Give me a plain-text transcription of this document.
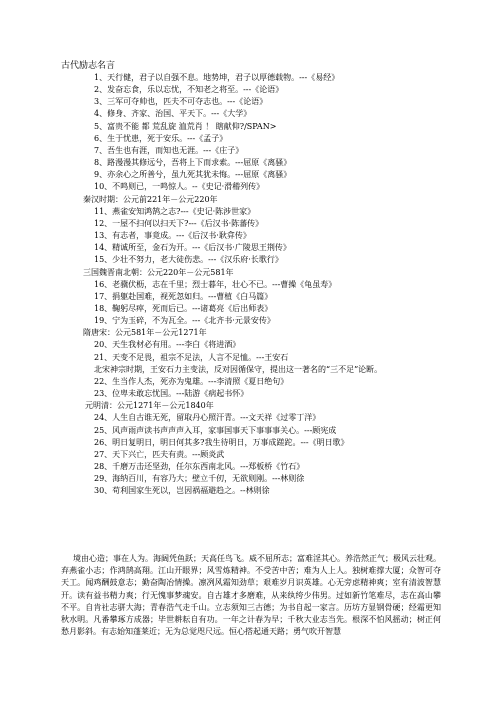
古代励志名言
1、天行健，君子以自强不息。地势坤，君子以厚德载物。---《易经》
2、发奋忘食，乐以忘忧，不知老之将至。---《论语》
3、三军可夺帅也，匹夫不可夺志也。---《论语》
4、修身、齐家、治国、平天下。---《大学》
5、富贵不能 都 荒乱旋 洫荒肖 ！ 瞎献仰?/SPAN>
6、生于忧患，死于安乐。---《孟子》
7、吾生也有涯，而知也无涯。---《庄子》
8、路漫漫其修远兮，吾将上下而求索。---屈原《离骚》
9、亦余心之所善兮，虽九死其犹未悔。---屈原《离骚》
10、不鸣则已，一鸣惊人。--《史记·滑稽列传》
秦汉时期：公元前221年－公元220年
11、燕雀安知鸿鹄之志?---《史记·陈涉世家》
12、一屋不扫何以扫天下?---《后汉书·陈蕃传》
13、有志者，事竟成。---《后汉书·耿弇传》
14、精诚所至，金石为开。---《后汉书·广陵思王荆传》
15、少壮不努力，老大徒伤悲。---《汉乐府·长歌行》
三国魏晋南北朝：公元220年－公元581年
16、老骥伏枥，志在千里；烈士暮年，壮心不已。---曹操《龟虽寿》
17、捐躯赴国难，视死忽如归。---曹植《白马篇》
18、鞠躬尽瘁，死而后已。---诸葛亮《后出师表》
19、宁为玉碎，不为瓦全。---《北齐书·元景安传》
隋唐宋：公元581年－公元1271年
20、天生我材必有用。---李白《将进酒》
21、天变不足畏，祖宗不足法，人言不足恤。---王安石
北宋神宗时期，王安石力主变法，反对因循保守，提出这一著名的“三不足”论断。
22、生当作人杰，死亦为鬼雄。---李清照《夏日绝句》
23、位卑未敢忘忧国。---陆游《病起书怀》
元明清：公元1271年－公元1840年
24、人生自古谁无死，留取丹心照汗青。---文天祥《过零丁洋》
25、风声雨声读书声声声入耳，家事国事天下事事事关心。---顾宪成
26、明日复明日，明日何其多?我生待明日，万事成蹉跎。---《明日歌》
27、天下兴亡，匹夫有责。---顾炎武
28、千磨万击还坚劲，任尔东西南北风。---郑板桥《竹石》
29、海纳百川，有容乃大；壁立千仞，无欲则刚。---林则徐
30、苟利国家生死以，岂因祸福避趋之。--林则徐
境由心造；事在人为。海阔凭鱼跃；天高任鸟飞。威不屈所志；富难淫其心。养浩然正气；极风云壮观。弃燕雀小志；作鸿鹄高翔。江山开眼界；风雪炼精神。不受苦中苦；难为人上人。独树难撑大厦；众智可夺天工。闻鸡酬鼓意志；勤奋陶冶情操。凛冽风霜知劲草；艰难岁月识英雄。心无旁虑精神爽；室有清波智慧开。读有益书精力爽；行无愧事梦魂安。自古雄才多磨难，从来纨绔少伟男。过如新竹笔难尽，志在高山攀不平。自肯社志骈大海；青春浩气走千山。立志须知三古德；为书自起一家言。历坊方显钢骨硬；经霜更知秋水明。凡番攀琢方成器；毕世耕耘自有功。一年之计春为早；千秋大业志当先。根深不怕风摇动；树正何愁月影斜。有志始知蓬莱近；无为总觉咫尺远。恒心搭起通天路；勇气吹开智慧
